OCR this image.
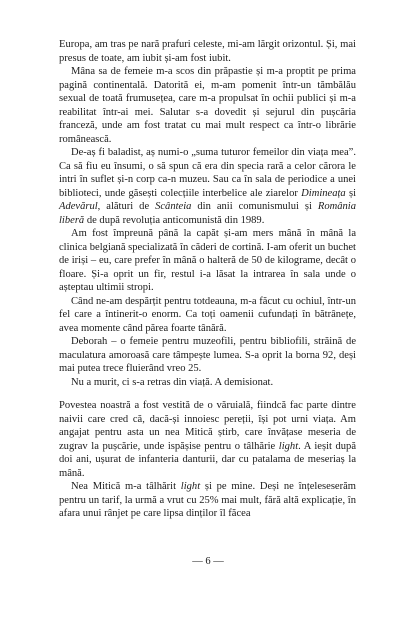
Europa, am tras pe nară prafuri celeste, mi-am lărgit orizontul. Și, mai presus de toate, am iubit și-am fost iubit.

Mâna sa de femeie m-a scos din prăpastie și m-a proptit pe prima pagină continentală. Datorită ei, m-am pomenit într-un tămbălău sexual de toată frumusețea, care m-a propulsat în ochii publici și m-a reabilitat într-ai mei. Salutar s-a dovedit și sejurul din pușcăria franceză, unde am fost tratat cu mai mult respect ca într-o librărie românească.

De-aș fi baladist, aș numi-o „suma tuturor femeilor din viața mea”. Ca să fiu eu însumi, o să spun că era din specia rară a celor cărora le intri în suflet și-n corp ca-n muzeu. Sau ca în sala de periodice a unei biblioteci, unde găsești colecțiile interbelice ale ziarelor Dimineața și Adevărul, alături de Scânteia din anii comunismului și România liberă de după revoluția anticomunistă din 1989.

Am fost împreună până la capăt și-am mers mână în mână la clinica belgiană specializată în căderi de cortină. I-am oferit un buchet de iriși – eu, care prefer în mână o halteră de 50 de kilograme, decât o floare. Și-a oprit un fir, restul i-a lăsat la intrarea în sala unde o așteptau ultimii stropi.

Când ne-am despărțit pentru totdeauna, m-a făcut cu ochiul, într-un fel care a întinerit-o enorm. Ca toți oamenii cufundați în bătrânețe, avea momente când părea foarte tânără.

Deborah – o femeie pentru muzeofili, pentru bibliofili, străină de maculatura amoroasă care tâmpește lumea. S-a oprit la borna 92, deși mai putea trece fluierând vreo 25.

Nu a murit, ci s-a retras din viață. A demisionat.

Povestea noastră a fost vestită de o văruială, fiindcă fac parte dintre naivii care cred că, dacă-și innoiesc pereții, își pot urni viața. Am angajat pentru asta un nea Mitică știrb, care învățase meseria de zugrav la pușcărie, unde ispășise pentru o tâlhărie light. A ieșit după doi ani, ușurat de infanteria danturii, dar cu patalama de meseriaș la mână.

Nea Mitică m-a tâlhărit light și pe mine. Deși ne înțeleseserăm pentru un tarif, la urmă a vrut cu 25% mai mult, fără altă explicație, în afara unui rânjet pe care lipsa dinților îl făcea

— 6 —
